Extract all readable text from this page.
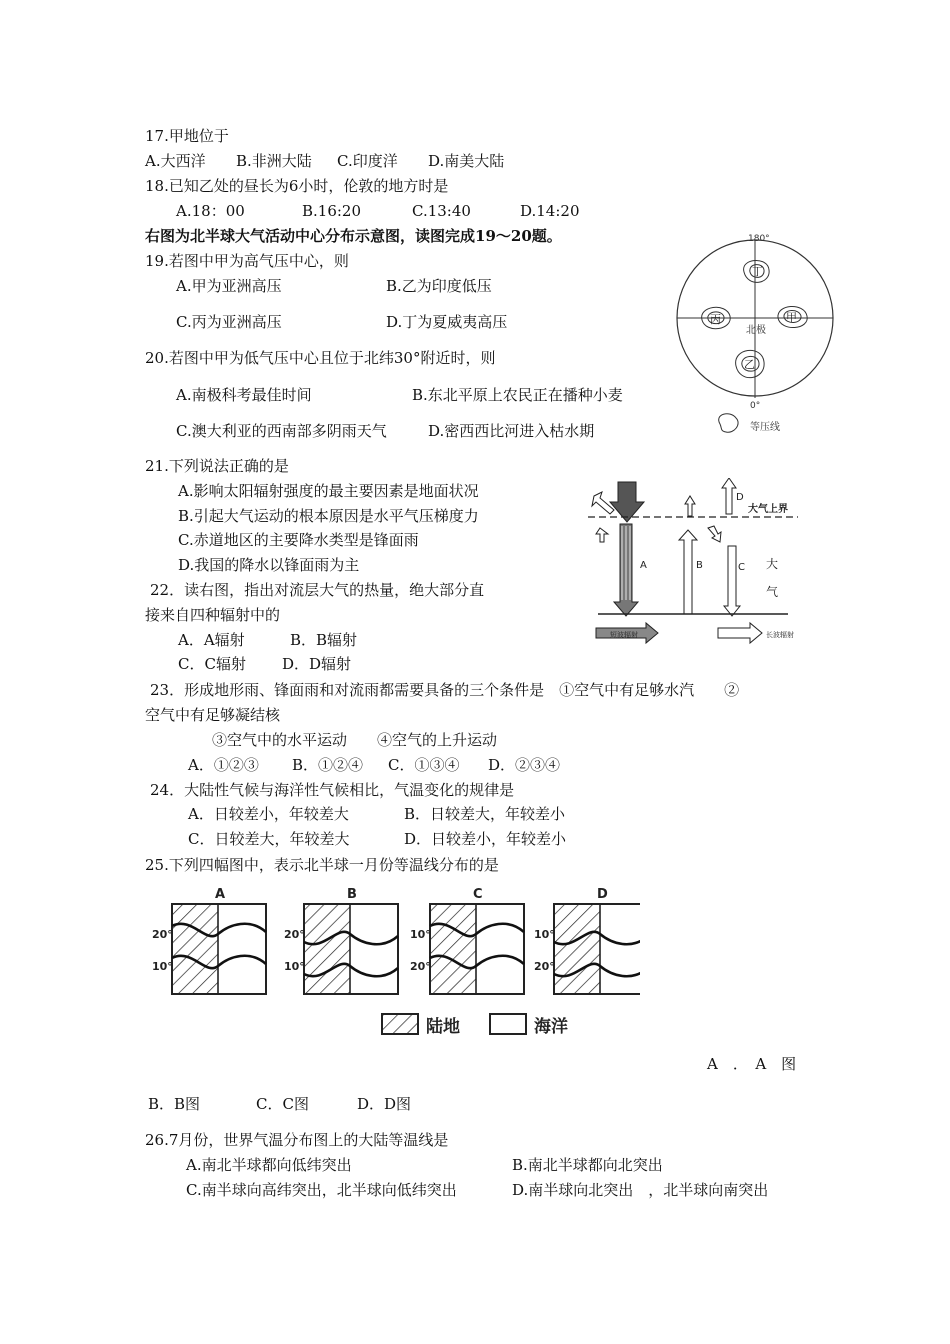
17.甲地位于
A.大西洋 B.非洲大陆 C.印度洋 D.南美大陆
18.已知乙处的昼长为6小时，伦敦的地方时是
A.18：00	B.16:20	C.13:40	D.14:20
右图为北半球大气活动中心分布示意图，读图完成19～20题。
19.若图中甲为高气压中心，则
A.甲为亚洲高压	B.乙为印度低压
C.丙为亚洲高压	D.丁为夏威夷高压
20.若图中甲为低气压中心且位于北纬30°附近时，则
A.南极科考最佳时间	B.东北平原上农民正在播种小麦
C.澳大利亚的西南部多阴雨天气	D.密西西比河进入枯水期
180°
0°
北极
丁
丙	甲
乙
等压线
21.下列说法正确的是
A.影响太阳辐射强度的最主要因素是地面状况
B.引起大气运动的根本原因是水平气压梯度力
C.赤道地区的主要降水类型是锋面雨
D.我国的降水以锋面雨为主
22．读右图，指出对流层大气的热量，绝大部分直
接来自四种辐射中的
A．A辐射	B．B辐射
C．C辐射 D．D辐射
大气上界
A	B	C
D
大
气
短波辐射	长波辐射
23．形成地形雨、锋面雨和对流雨都需要具备的三个条件是　①空气中有足够水汽　　②
空气中有足够凝结核
③空气中的水平运动　　④空气的上升运动
A．①②③ B．①②④ C．①③④ D．②③④
24．大陆性气候与海洋性气候相比，气温变化的规律是
A．日较差小，年较差大	B．日较差大，年较差小
C．日较差大，年较差大	D．日较差小，年较差小
25.下列四幅图中，表示北半球一月份等温线分布的是
A
20°
10°
B
20°
10°
C
10°
20°
D
10°
20°
陆地	海洋
A　．　A　图
B．B图	C．C图	D．D图
26.7月份，世界气温分布图上的大陆等温线是
A.南北半球都向低纬突出	B.南北半球都向北突出
C.南半球向高纬突出，北半球向低纬突出	D.南半球向北突出　，北半球向南突出
